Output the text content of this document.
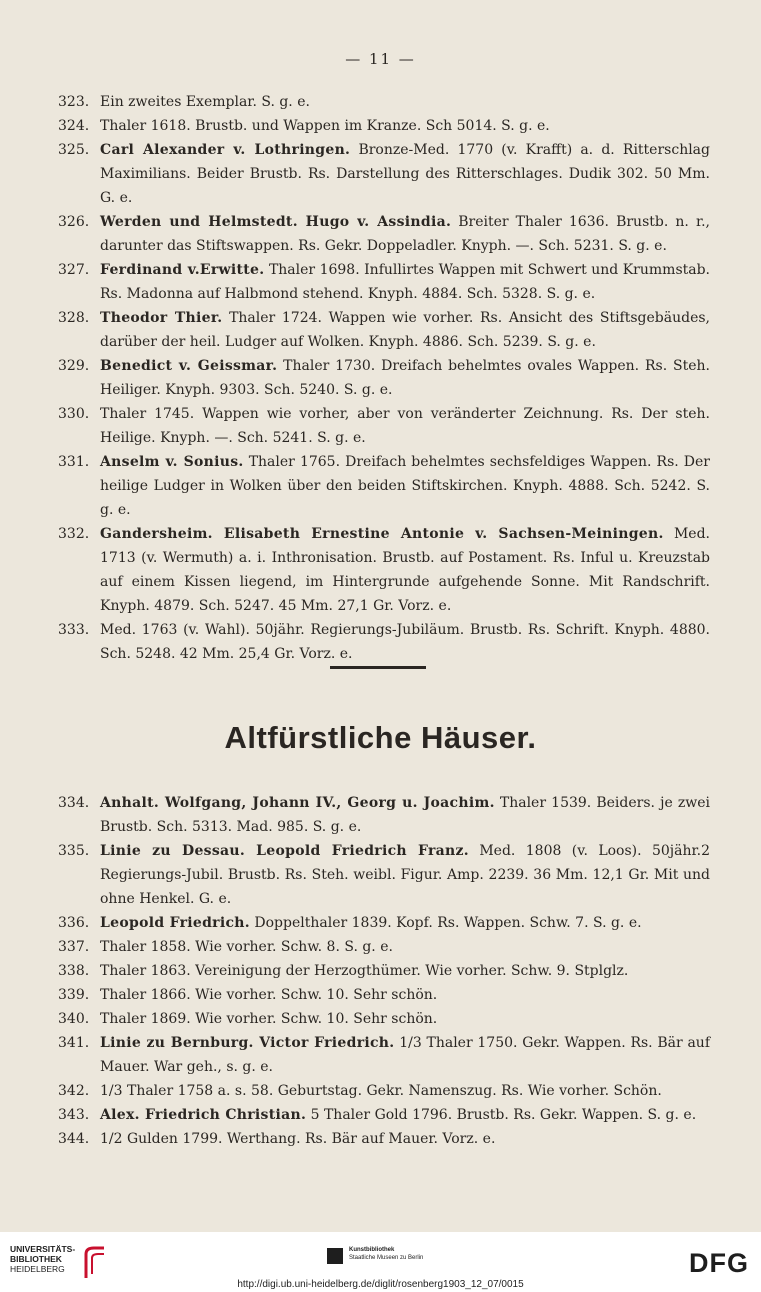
— 11 —
323. Ein zweites Exemplar. S. g. e.
324. Thaler 1618. Brustb. und Wappen im Kranze. Sch 5014. S. g. e.
325. Carl Alexander v. Lothringen. Bronze-Med. 1770 (v. Krafft) a. d. Ritterschlag Maximilians. Beider Brustb. Rs. Darstellung des Ritterschlages. Dudik 302. 50 Mm. G. e.
326. Werden und Helmstedt. Hugo v. Assindia. Breiter Thaler 1636. Brustb. n. r., darunter das Stiftswappen. Rs. Gekr. Doppeladler. Knyph. —. Sch. 5231. S. g. e.
327. Ferdinand v.Erwitte. Thaler 1698. Infullirtes Wappen mit Schwert und Krummstab. Rs. Madonna auf Halbmond stehend. Knyph. 4884. Sch. 5328. S. g. e.
328. Theodor Thier. Thaler 1724. Wappen wie vorher. Rs. Ansicht des Stiftsgebäudes, darüber der heil. Ludger auf Wolken. Knyph. 4886. Sch. 5239. S. g. e.
329. Benedict v. Geissmar. Thaler 1730. Dreifach behelmtes ovales Wappen. Rs. Steh. Heiliger. Knyph. 9303. Sch. 5240. S. g. e.
330. Thaler 1745. Wappen wie vorher, aber von veränderter Zeichnung. Rs. Der steh. Heilige. Knyph. —. Sch. 5241. S. g. e.
331. Anselm v. Sonius. Thaler 1765. Dreifach behelmtes sechsfeldiges Wappen. Rs. Der heilige Ludger in Wolken über den beiden Stiftskirchen. Knyph. 4888. Sch. 5242. S. g. e.
332. Gandersheim. Elisabeth Ernestine Antonie v. Sachsen-Meiningen. Med. 1713 (v. Wermuth) a. i. Inthronisation. Brustb. auf Postament. Rs. Inful u. Kreuzstab auf einem Kissen liegend, im Hintergrunde aufgehende Sonne. Mit Randschrift. Knyph. 4879. Sch. 5247. 45 Mm. 27,1 Gr. Vorz. e.
333. Med. 1763 (v. Wahl). 50jähr. Regierungs-Jubiläum. Brustb. Rs. Schrift. Knyph. 4880. Sch. 5248. 42 Mm. 25,4 Gr. Vorz. e.
Altfürstliche Häuser.
334. Anhalt. Wolfgang, Johann IV., Georg u. Joachim. Thaler 1539. Beiders. je zwei Brustb. Sch. 5313. Mad. 985. S. g. e.
335.	2
Linie zu Dessau. Leopold Friedrich Franz. Med. 1808 (v. Loos). 50jähr. Regierungs-Jubil. Brustb. Rs. Steh. weibl. Figur. Amp. 2239. 36 Mm. 12,1 Gr. Mit und ohne Henkel. G. e.
336. Leopold Friedrich. Doppelthaler 1839. Kopf. Rs. Wappen. Schw. 7. S. g. e.
337. Thaler 1858. Wie vorher. Schw. 8. S. g. e.
338. Thaler 1863. Vereinigung der Herzogthümer. Wie vorher. Schw. 9. Stplglz.
339. Thaler 1866. Wie vorher. Schw. 10. Sehr schön.
340. Thaler 1869. Wie vorher. Schw. 10. Sehr schön.
341. Linie zu Bernburg. Victor Friedrich. 1/3 Thaler 1750. Gekr. Wappen. Rs. Bär auf Mauer. War geh., s. g. e.
342. 1/3 Thaler 1758 a. s. 58. Geburtstag. Gekr. Namenszug. Rs. Wie vorher. Schön.
343. Alex. Friedrich Christian. 5 Thaler Gold 1796. Brustb. Rs. Gekr. Wappen. S. g. e.
344. 1/2 Gulden 1799. Werthang. Rs. Bär auf Mauer. Vorz. e.
UNIVERSITÄTS-
BIBLIOTHEK
HEIDELBERG
Kunstbibliothek
Staatliche Museen zu Berlin	DFG
http://digi.ub.uni-heidelberg.de/diglit/rosenberg1903_12_07/0015
